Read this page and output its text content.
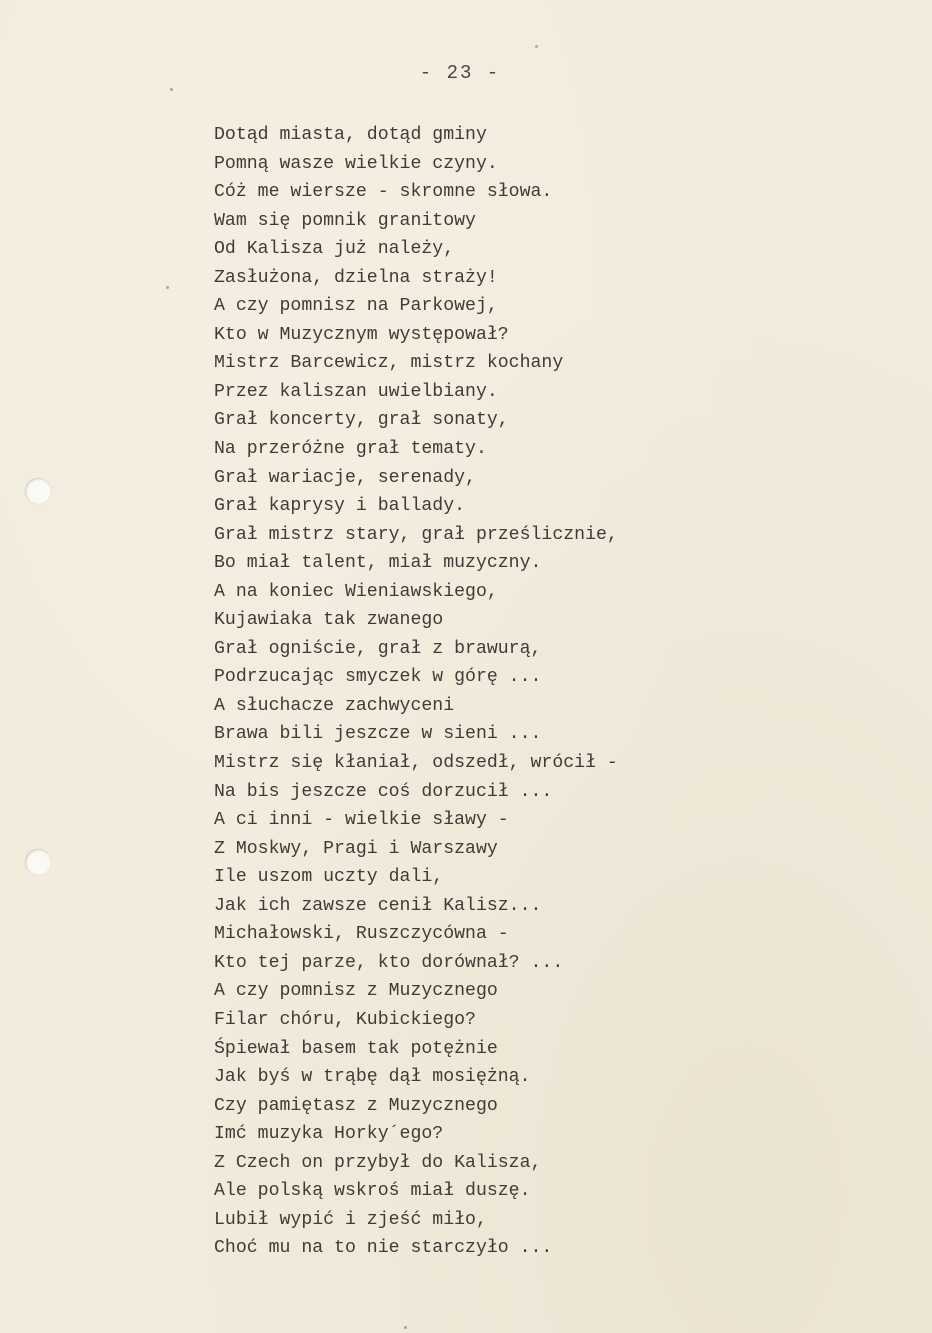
- 23 -
Dotąd miasta, dotąd gminy
Pomną wasze wielkie czyny.
Cóż me wiersze - skromne słowa.
Wam się pomnik granitowy
Od Kalisza już należy,
Zasłużona, dzielna straży!
A czy pomnisz na Parkowej,
Kto w Muzycznym występował?
Mistrz Barcewicz, mistrz kochany
Przez kaliszan uwielbiany.
Grał koncerty, grał sonaty,
Na przeróżne grał tematy.
Grał wariacje, serenady,
Grał kaprysy i ballady.
Grał mistrz stary, grał prześlicznie,
Bo miał talent, miał muzyczny.
A na koniec Wieniawskiego,
Kujawiaka tak zwanego
Grał ogniście, grał z brawurą,
Podrzucając smyczek w górę ...
A słuchacze zachwyceni
Brawa bili jeszcze w sieni ...
Mistrz się kłaniał, odszedł, wrócił -
Na bis jeszcze coś dorzucił ...
A ci inni - wielkie sławy -
Z Moskwy, Pragi i Warszawy
Ile uszom uczty dali,
Jak ich zawsze cenił Kalisz...
Michałowski, Ruszczycówna -
Kto tej parze, kto dorównał? ...
A czy pomnisz z Muzycznego
Filar chóru, Kubickiego?
Śpiewał basem tak potężnie
Jak byś w trąbę dął mosiężną.
Czy pamiętasz z Muzycznego
Imć muzyka Horky´ego?
Z Czech on przybył do Kalisza,
Ale polską wskroś miał duszę.
Lubił wypić i zjeść miło,
Choć mu na to nie starczyło ...
